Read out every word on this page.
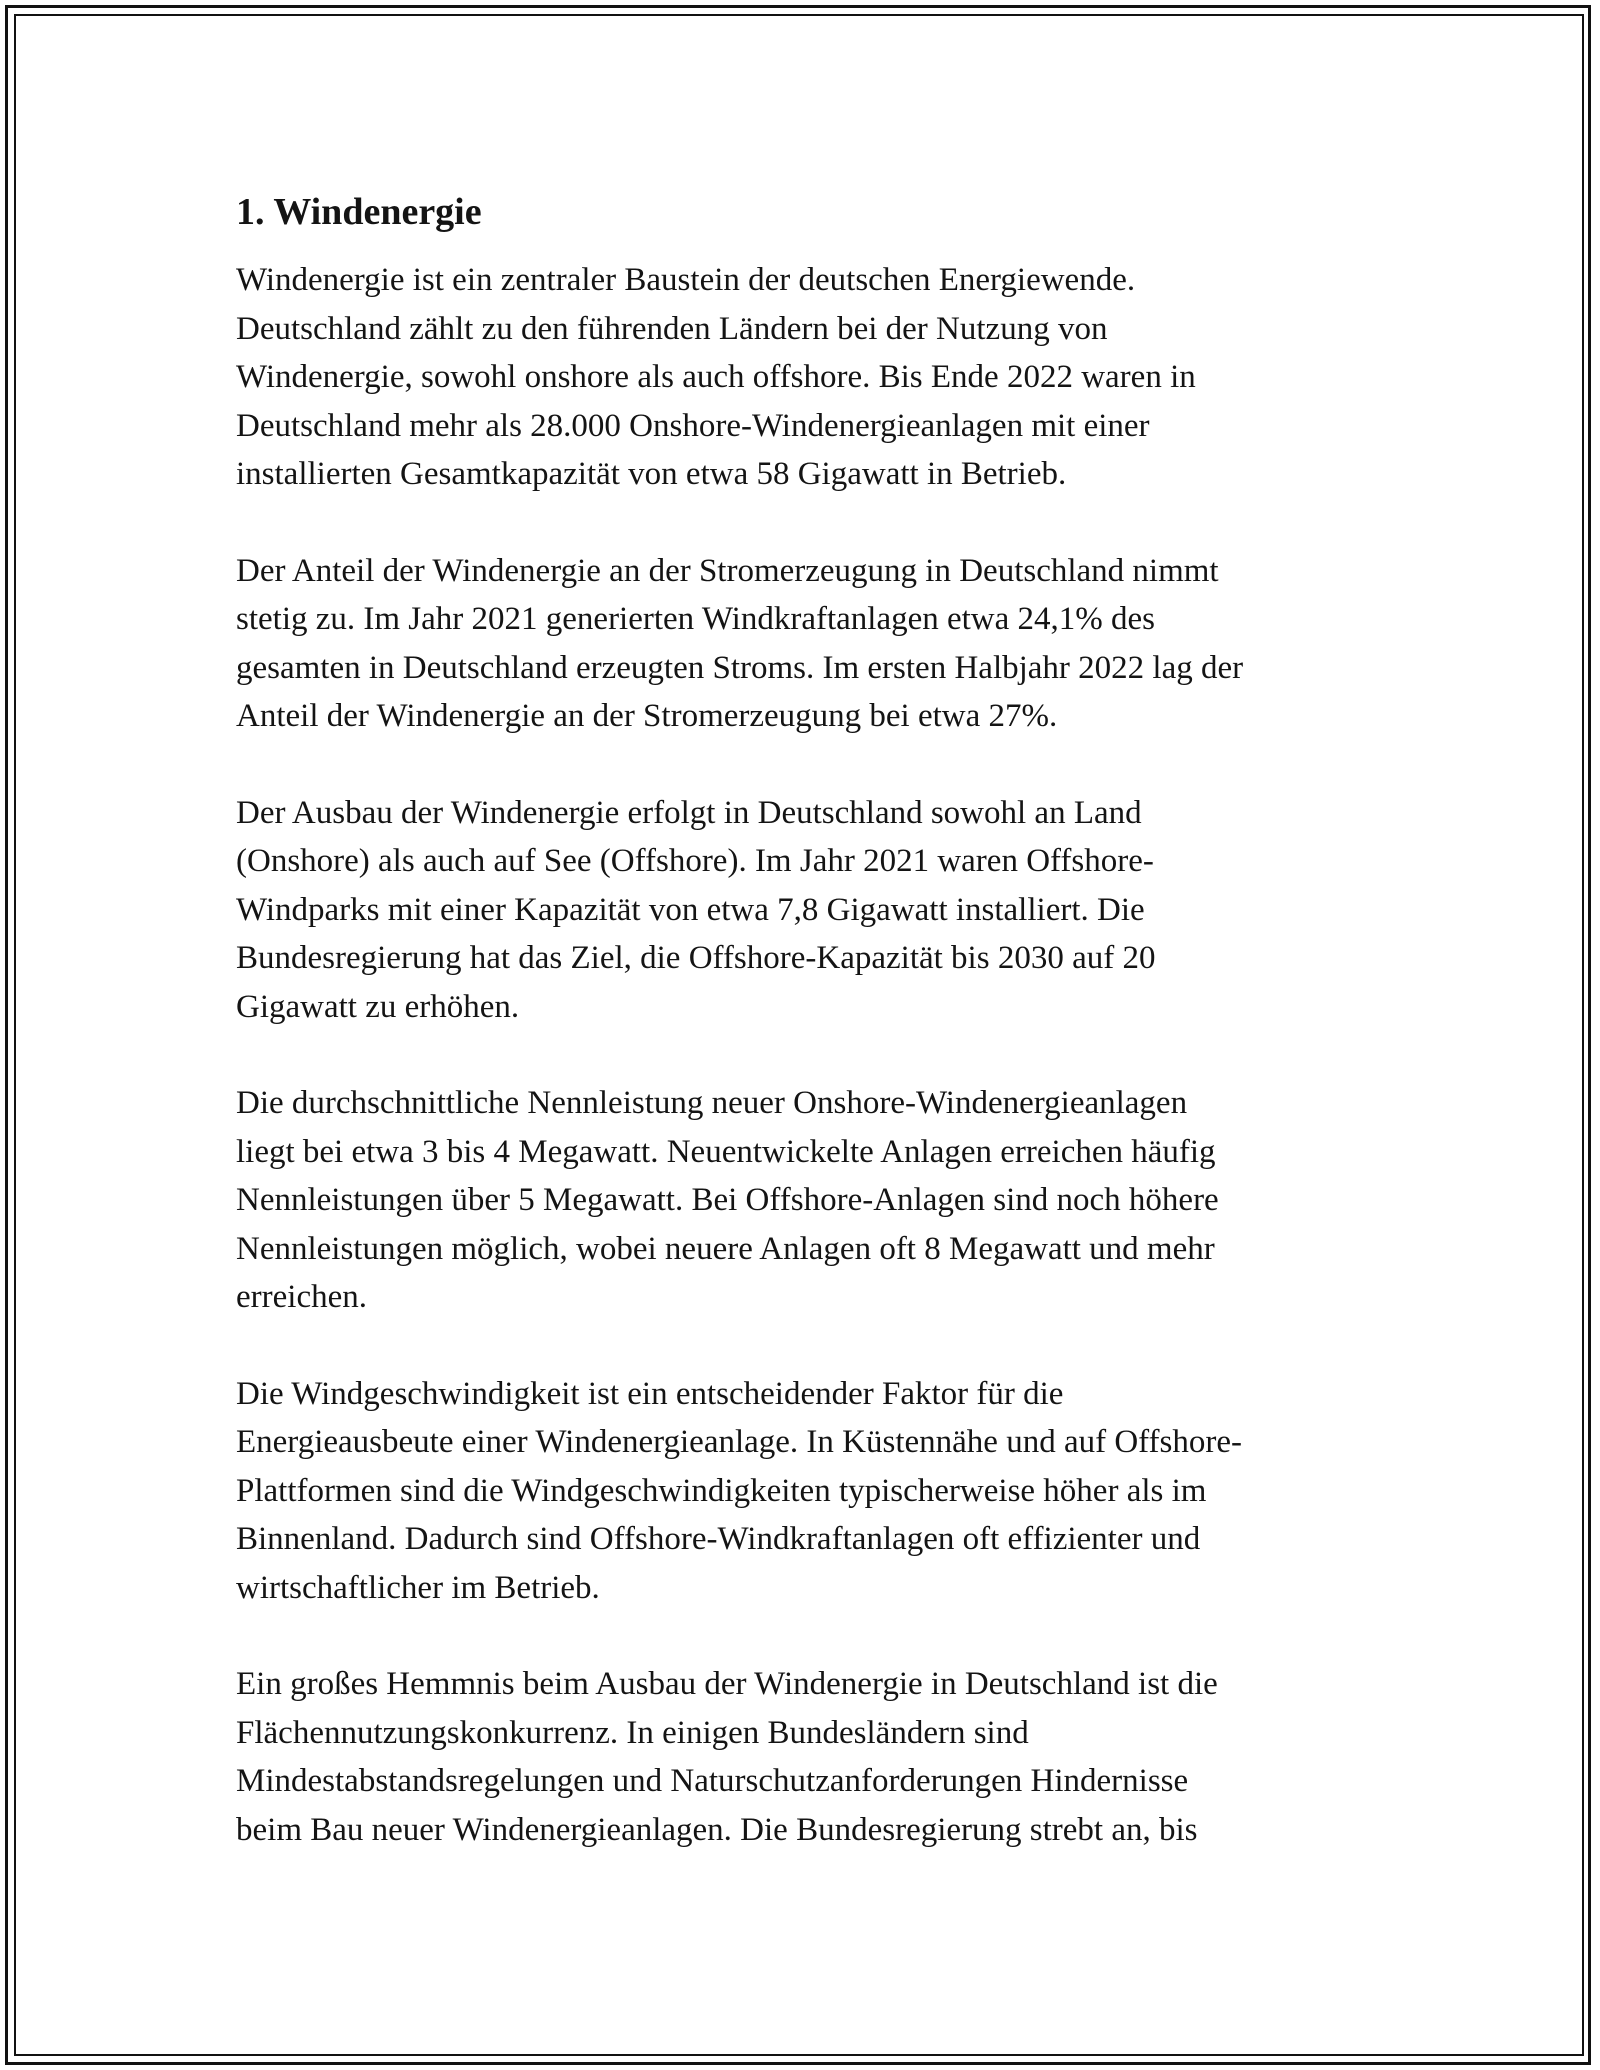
1. Windenergie

Windenergie ist ein zentraler Baustein der deutschen Energiewende.
Deutschland zählt zu den führenden Ländern bei der Nutzung von
Windenergie, sowohl onshore als auch offshore. Bis Ende 2022 waren in
Deutschland mehr als 28.000 Onshore-Windenergieanlagen mit einer
installierten Gesamtkapazität von etwa 58 Gigawatt in Betrieb.

Der Anteil der Windenergie an der Stromerzeugung in Deutschland nimmt
stetig zu. Im Jahr 2021 generierten Windkraftanlagen etwa 24,1% des
gesamten in Deutschland erzeugten Stroms. Im ersten Halbjahr 2022 lag der
Anteil der Windenergie an der Stromerzeugung bei etwa 27%.

Der Ausbau der Windenergie erfolgt in Deutschland sowohl an Land
(Onshore) als auch auf See (Offshore). Im Jahr 2021 waren Offshore-
Windparks mit einer Kapazität von etwa 7,8 Gigawatt installiert. Die
Bundesregierung hat das Ziel, die Offshore-Kapazität bis 2030 auf 20
Gigawatt zu erhöhen.

Die durchschnittliche Nennleistung neuer Onshore-Windenergieanlagen
liegt bei etwa 3 bis 4 Megawatt. Neuentwickelte Anlagen erreichen häufig
Nennleistungen über 5 Megawatt. Bei Offshore-Anlagen sind noch höhere
Nennleistungen möglich, wobei neuere Anlagen oft 8 Megawatt und mehr
erreichen.

Die Windgeschwindigkeit ist ein entscheidender Faktor für die
Energieausbeute einer Windenergieanlage. In Küstennähe und auf Offshore-
Plattformen sind die Windgeschwindigkeiten typischerweise höher als im
Binnenland. Dadurch sind Offshore-Windkraftanlagen oft effizienter und
wirtschaftlicher im Betrieb.

Ein großes Hemmnis beim Ausbau der Windenergie in Deutschland ist die
Flächennutzungskonkurrenz. In einigen Bundesländern sind
Mindestabstandsregelungen und Naturschutzanforderungen Hindernisse
beim Bau neuer Windenergieanlagen. Die Bundesregierung strebt an, bis
